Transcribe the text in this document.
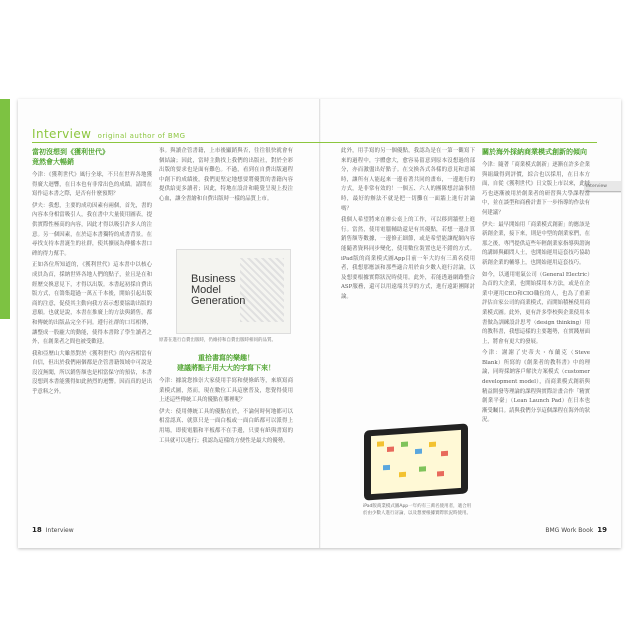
Interview original author of BMG
Interview
當初沒想到《獲利世代》
竟然會大暢銷

今津：《獲利世代》風行全球，不只在世界各地獲得廣大迴響，在日本也有非常出色的成績。請問在寫作這本書之際，是否有什麼預期？

伊夫：我想，主要的成功因素有兩個，首先，書的內容本身相當吸引人，我在書中大量使用圖表，提供實際性極高的內容，因此才得以吸引許多人的注意。另一個因素，在於這本書獨特的成書背景。在尋找支持本書誕生的社群，使其擴展為傳播本書口碑的得力幫手。

正如各位所知道的，《獲利世代》這本書中以核心成員為首，採納世界各地人們的點子，並且是在和經歷交換意見下，才得以出版。本書起初採自費出版方式，在籌集超過一萬五千本後，開始引起出版商的注意，促使其主動向我方表示想要協助出版的意願。也就是說，本書在推廣上的方法與銷售，都和傳統的出版品完全不同。遵行社群的口耳相傳，讓整成一股龐大的動能，使得本書除了學生讀者之外，在創業者之間也被受歡迎。

我和亞歷山大雖然對於《獲利世代》的內容相當有自信，但出於我們兩個都是企管書籍領域中可說是沒沒無聞，所以銷售額也是相當保守的預估，本書沒想到本書能獲得如此熱烈的迴響。因而真的是出乎意料之外。

事。與讀企管書籍，上市後顯銷與否，往往很快就會有個結論；因此，當時主動找上我們的出版社，對於全彩出版的要求也是面有難色。不過，看到在自費出版過程中創下的成績後，我們更堅定地想要將優質的書籍內容提供給更多讀者；因此，特地在設計和範覺呈現上投注心血，讓全書繪和自費出版時一樣的品質上市。

Business
Model
Generation
原書在進行自費出版時，仍維持和自費出版時相同的品質。
重拾書寫的樂趣！
建議將點子用大大的字寫下來！

今津：據說您推崇大家使用手寫和便條紙等，來填寫商業模式圖，然而，現在數位工具這麼普及，您覺得使用上述這些傳統工具的優點在哪裡呢？

伊夫：使用傳統工具的優點在於，不論何時何地都可以相當認真、就算只是一面白板或一面白紙都可以派得上用場，即使電腦和平板都不在手邊，只要有紙與書寫的工具就可以進行；我認為這樣的方便性是最大的優勢。

此外，用手寫的另一個優點，我認為是在一第一觀寫下來的過程中，字體愈大，愈容易留意到原本沒想過的部分，亦而激盪出好點子。在交換各式各樣的意見和意端時，讓所有人能起來一邊看著共同的畫布，一邊進行的方式，是非常有效的！一個五、六人的團隊想討論事情時，最好的辦法不就是把一切攤在一面牆上進行討論嗎？

我個人希望將來在辦公桌上的工作，可以移到牆壁上進行。當然，使用電腦輔助還是有其優點，若想一邊計算銷售額等數據，一邊修正細節，或是希望能讓配網內容能隨著資料同步變化，使用數位裝置也是不錯的方式。iPad版的商業模式圖App目前一年大約有三萬名使用者，我想那應該和那些適合用於由少數人進行討論，以及想要根據實際狀況時使用。此外，若能透過網路整合ASP服務，還可以用遠端共享的方式，進行遠距團隊討論。

iPad版商業模式圖App一年約有三萬名使用者，適合用於由少數人進行討論，以及想要根據實際狀況時使用。
關於海外採納商業模式創新的傾向

今津：隨著「商業模式創新」逐漸在許多企業與組織得到評價，綜合也以採用，在日本方面，自從《獲利世代》日文版上市以來，此技巧也逐漸被用於創業者的研習與大學課程當中，並在談型和商務計畫下一步指導的作法有何建議？

伊夫：最早開始用「商業模式創新」的應該是新創企業，接下來，則是中型的創業家們，在那之後，專門提供這些年輕創業家指導與諮詢的講師與顧問人士，也開始運用這套技巧協助新創企業的輔導上，也開始運用這套技巧。

如今，以通用電氣公司（General Electric）為首的大企業，也開始採用本方法，或是在企業中運用CEO和CIO職位的人，也為了重新評估自家公司的商業模式，而開始積極使用商業模式圖。此外，更有許多學校與企業使用本書做為訓練設計思考（design thinking）用的教科書，我想這樣的主要趨勢，在實踐層面上，將會有更大的發展。

今津：謝謝了史蒂夫・布蘭克（Steve Blank）所寫的《創業者的教科書》中的理論，同時採納客戶解決方案模式（customer development model），而商業模式創新與精益開發等理論的課程與實際計畫合作「精實創業平臺」（Lean Launch Pad）在日本也漸受矚目。請與我們分享這個課程在海外的狀況。

18 Interview	BMG Work Book 19
